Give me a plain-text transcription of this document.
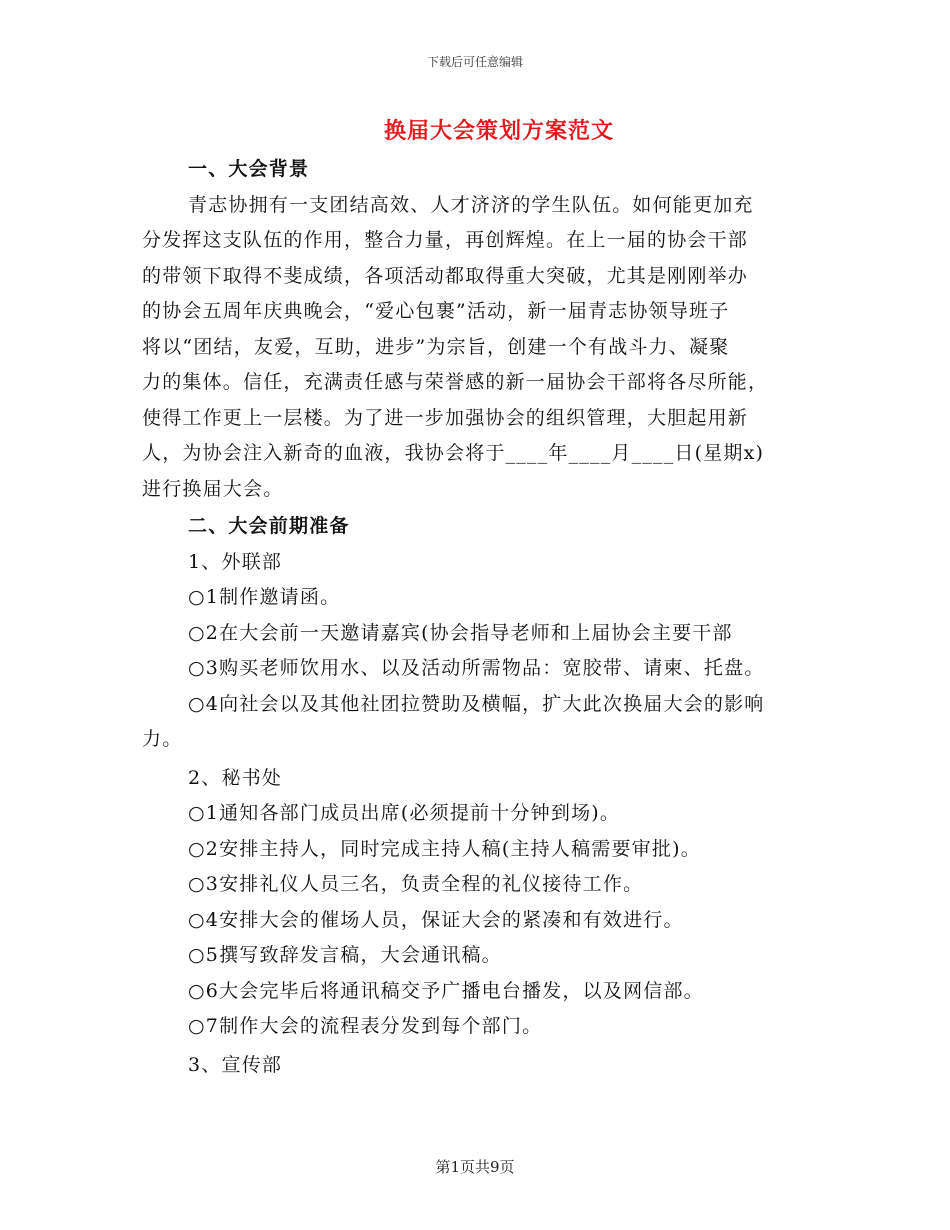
下载后可任意编辑
换届大会策划方案范文
一、大会背景
青志协拥有一支团结高效、人才济济的学生队伍。如何能更加充
分发挥这支队伍的作用，整合力量，再创辉煌。在上一届的协会干部
的带领下取得不斐成绩，各项活动都取得重大突破，尤其是刚刚举办
的协会五周年庆典晚会，“爱心包裹”活动，新一届青志协领导班子
将以“团结，友爱，互助，进步”为宗旨，创建一个有战斗力、凝聚
力的集体。信任，充满责任感与荣誉感的新一届协会干部将各尽所能，
使得工作更上一层楼。为了进一步加强协会的组织管理，大胆起用新
人，为协会注入新奇的血液，我协会将于____年____月____日(星期x)
进行换届大会。
二、大会前期准备
1、外联部
○1制作邀请函。
○2在大会前一天邀请嘉宾(协会指导老师和上届协会主要干部
○3购买老师饮用水、以及活动所需物品：宽胶带、请柬、托盘。
○4向社会以及其他社团拉赞助及横幅，扩大此次换届大会的影响
力。
2、秘书处
○1通知各部门成员出席(必须提前十分钟到场)。
○2安排主持人，同时完成主持人稿(主持人稿需要审批)。
○3安排礼仪人员三名，负责全程的礼仪接待工作。
○4安排大会的催场人员，保证大会的紧凑和有效进行。
○5撰写致辞发言稿，大会通讯稿。
○6大会完毕后将通讯稿交予广播电台播发，以及网信部。
○7制作大会的流程表分发到每个部门。
3、宣传部
第1页共9页
